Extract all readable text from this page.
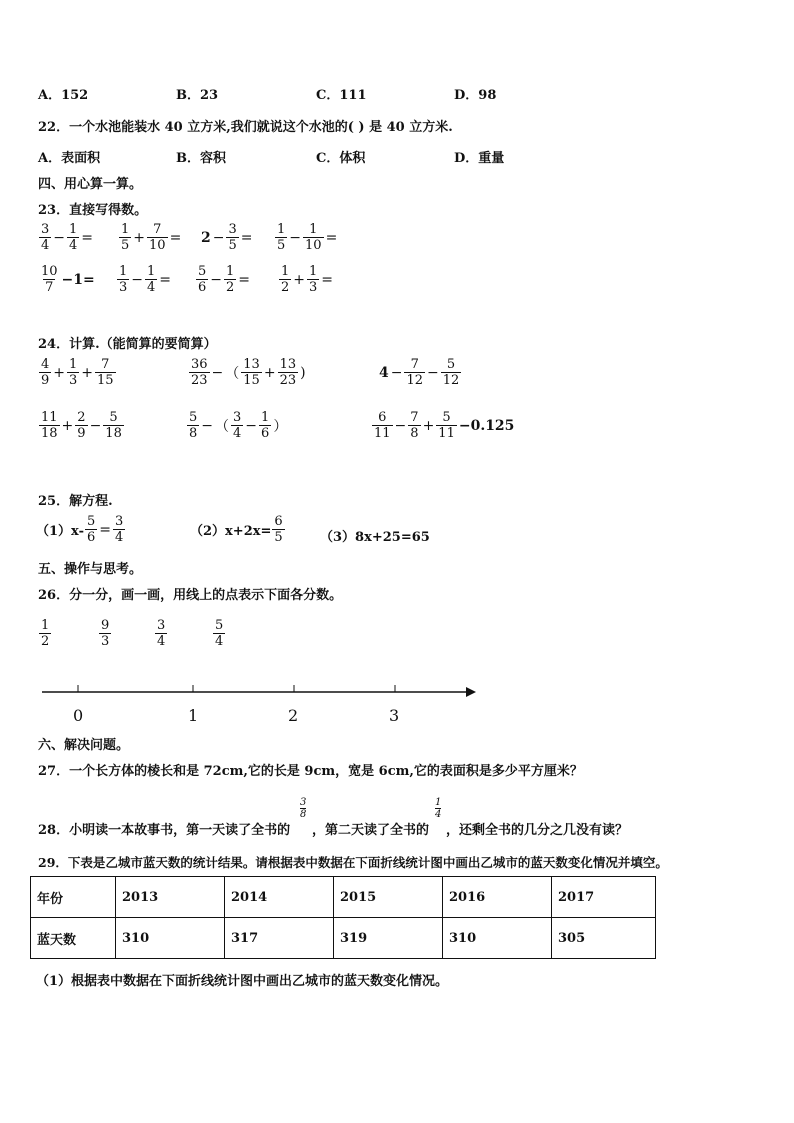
A．152	B．23	C．111	D．98
22．一个水池能装水 40 立方米,我们就说这个水池的( ) 是 40 立方米.
A．表面积	B．容积	C．体积	D．重量
四、用心算一算。
23．直接写得数。
$\frac{3}{4} - \frac{1}{4} = \frac{1}{5} + \frac{7}{10} = 2 - \frac{3}{5} = \frac{1}{5} - \frac{1}{10}$ =
$\frac{10}{7} -1= \frac{1}{3} - \frac{1}{4} = \frac{5}{6} - \frac{1}{2} = \frac{1}{2} + \frac{1}{3}$ =
24．计算.（能简算的要简算）
$\frac{4}{9} + \frac{1}{3} + \frac{7}{15}$	$\frac{36}{23}$ − （ $\frac{13}{15} + \frac{13}{23}$ )	$4 - \frac{7}{12} - \frac{5}{12}$
$\frac{11}{18} + \frac{2}{9} - \frac{5}{18}$	$\frac{5}{8}$ − （ $\frac{3}{4} - \frac{1}{6}$ ）	$\frac{6}{11} - \frac{7}{8} + \frac{5}{11} -0.125$
25．解方程.
$(1)x- \frac{5}{6} = \frac{3}{4}$	$(2)x+2x= \frac{6}{5}$	（3）8x+25=65
五、操作与思考。
26．分一分，画一画，用线上的点表示下面各分数。
$\frac{1}{2}$	$\frac{9}{3}$	$\frac{3}{4}$	$\frac{5}{4}$
0	1	2	3
六、解决问题。
27．一个长方体的棱长和是 72cm,它的长是 9cm，宽是 6cm,它的表面积是多少平方厘米？
28．小明读一本故事书，第一天读了全书的
$\frac{3}{8}$
，第二天读了全书的
$\frac{1}{4}$
，还剩全书的几分之几没有读？
29．下表是乙城市蓝天数的统计结果。请根据表中数据在下面折线统计图中画出乙城市的蓝天数变化情况并填空。
年份	2013	2014	2015	2016	2017
蓝天数	310	317	319	310	305
（1）根据表中数据在下面折线统计图中画出乙城市的蓝天数变化情况。
